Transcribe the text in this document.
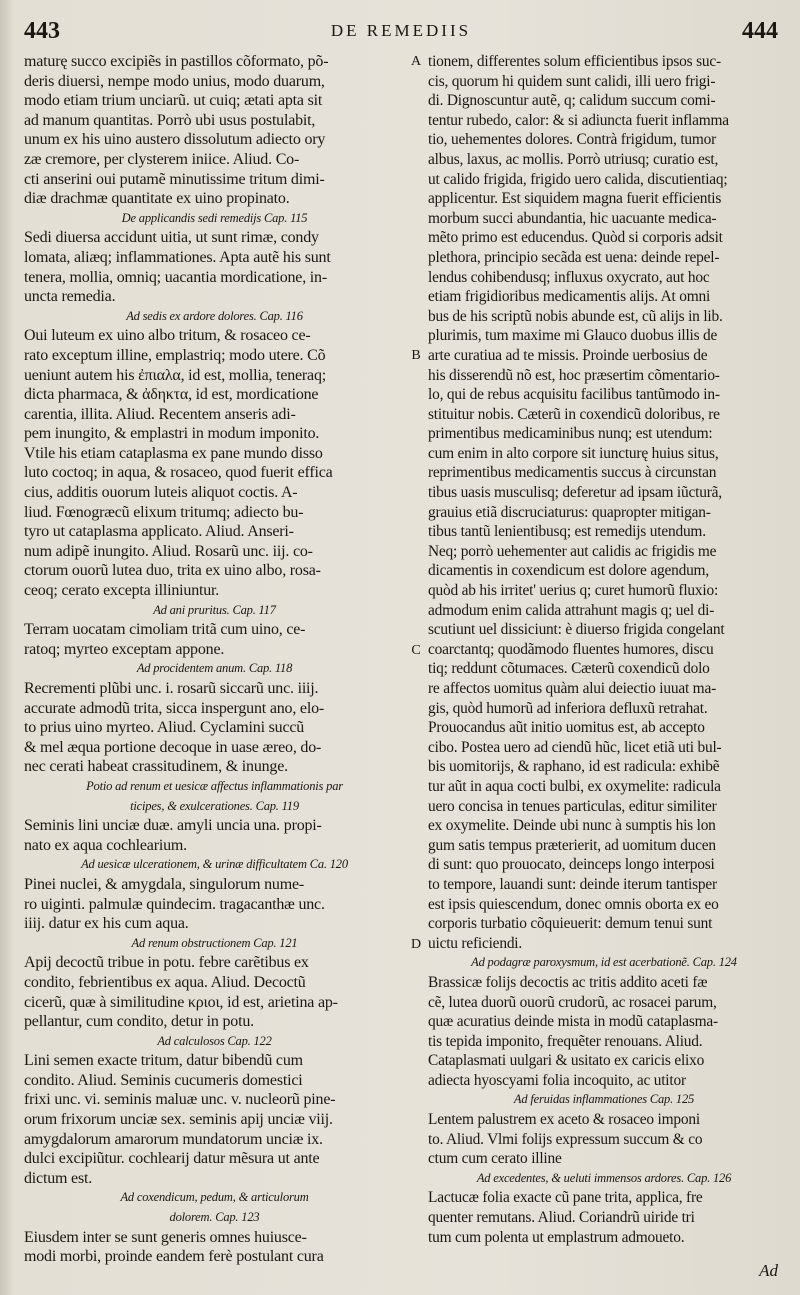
443	DE REMEDIIS	444
maturę succo excipiẽs in pastillos cõformato, põ-
deris diuersi, nempe modo unius, modo duarum,
modo etiam trium unciarũ. ut cuiq; ætati apta sit
ad manum quantitas. Porrò ubi usus postulabit,
unum ex his uino austero dissolutum adiecto ory
zæ cremore, per clysterem iniice. Aliud. Co-
cti anserini oui putamẽ minutissime tritum dimi-
diæ drachmæ quantitate ex uino propinato.
De applicandis sedi remedijs Cap. 115
Sedi diuersa accidunt uitia, ut sunt rimæ, condy
lomata, aliæq; inflammationes. Apta autẽ his sunt
tenera, mollia, omniq; uacantia mordicatione, in-
uncta remedia.
Ad sedis ex ardore dolores. Cap. 116
Oui luteum ex uino albo tritum, & rosaceo ce-
rato exceptum illine, emplastriq; modo utere. Cõ
ueniunt autem his ἐπιαλα, id est, mollia, teneraq;
dicta pharmaca, & ἀδηκτα, id est, mordicatione
carentia, illita. Aliud. Recentem anseris adi-
pem inungito, & emplastri in modum imponito.
Vtile his etiam cataplasma ex pane mundo disso
luto coctoq; in aqua, & rosaceo, quod fuerit effica
cius, additis ouorum luteis aliquot coctis. A-
liud. Fœnogræcũ elixum tritumq; adiecto bu-
tyro ut cataplasma applicato. Aliud. Anseri-
num adipẽ inungito. Aliud. Rosarũ unc. iij. co-
ctorum ouorũ lutea duo, trita ex uino albo, rosa-
ceoq; cerato excepta illiniuntur.
Ad ani pruritus. Cap. 117
Terram uocatam cimoliam tritã cum uino, ce-
ratoq; myrteo exceptam appone.
Ad procidentem anum. Cap. 118
Recrementi plũbi unc. i. rosarũ siccarũ unc. iiij.
accurate admodũ trita, sicca inspergunt ano, elo-
to prius uino myrteo. Aliud. Cyclamini succũ
& mel æqua portione decoque in uase æreo, do-
nec cerati habeat crassitudinem, & inunge.
Potio ad renum et uesicæ affectus inflammationis par
ticipes, & exulcerationes. Cap. 119
Seminis lini unciæ duæ. amyli uncia una. propi-
nato ex aqua cochlearium.
Ad uesicæ ulcerationem, & urinæ difficultatem Ca. 120
Pinei nuclei, & amygdala, singulorum nume-
ro uiginti. palmulæ quindecim. tragacanthæ unc.
iiij. datur ex his cum aqua.
Ad renum obstructionem Cap. 121
Apij decoctũ tribue in potu. febre carẽtibus ex
condito, febrientibus ex aqua. Aliud. Decoctũ
cicerũ, quæ à similitudine κριοι, id est, arietina ap-
pellantur, cum condito, detur in potu.
Ad calculosos Cap. 122
Lini semen exacte tritum, datur bibendũ cum
condito. Aliud. Seminis cucumeris domestici
frixi unc. vi. seminis maluæ unc. v. nucleorũ pine-
orum frixorum unciæ sex. seminis apij unciæ viij.
amygdalorum amarorum mundatorum unciæ ix.
dulci excipiũtur. cochlearij datur mẽsura ut ante
dictum est.
Ad coxendicum, pedum, & articulorum
dolorem. Cap. 123
Eiusdem inter se sunt generis omnes huiusce-
modi morbi, proinde eandem ferè postulant cura
A
B
C
D
tionem, differentes solum efficientibus ipsos suc-
cis, quorum hi quidem sunt calidi, illi uero frigi-
di. Dignoscuntur autẽ, q; calidum succum comi-
tentur rubedo, calor: & si adiuncta fuerit inflamma
tio, uehementes dolores. Contrà frigidum, tumor
albus, laxus, ac mollis. Porrò utriusq; curatio est,
ut calido frigida, frigido uero calida, discutientiaq;
applicentur. Est siquidem magna fuerit efficientis
morbum succi abundantia, hic uacuante medica-
mẽto primo est educendus. Quòd si corporis adsit
plethora, principio secãda est uena: deinde repel-
lendus cohibendusq; influxus oxycrato, aut hoc
etiam frigidioribus medicamentis alijs. At omni
bus de his scriptũ nobis abunde est, cũ alijs in lib.
plurimis, tum maxime mi Glauco duobus illis de
arte curatiua ad te missis. Proinde uerbosius de
his disserendũ nõ est, hoc præsertim cõmentario-
lo, qui de rebus acquisitu facilibus tantũmodo in-
stituitur nobis. Cæterũ in coxendicũ doloribus, re
primentibus medicaminibus nunq; est utendum:
cum enim in alto corpore sit iuncturę huius situs,
reprimentibus medicamentis succus à circunstan
tibus uasis musculisq; deferetur ad ipsam iũcturã,
grauius etiã discruciaturus: quapropter mitigan-
tibus tantũ lenientibusq; est remedijs utendum.
Neq; porrò uehementer aut calidis ac frigidis me
dicamentis in coxendicum est dolore agendum,
quòd ab his irritet' uerius q; curet humorũ fluxio:
admodum enim calida attrahunt magis q; uel di-
scutiunt uel dissiciunt: è diuerso frigida congelant
coarctantq; quodãmodo fluentes humores, discu
tiq; reddunt cõtumaces. Cæterũ coxendicũ dolo
re affectos uomitus quàm alui deiectio iuuat ma-
gis, quòd humorũ ad inferiora defluxũ retrahat.
Prouocandus aũt initio uomitus est, ab accepto
cibo. Postea uero ad ciendũ hũc, licet etiã uti bul-
bis uomitorijs, & raphano, id est radicula: exhibẽ
tur aũt in aqua cocti bulbi, ex oxymelite: radicula
uero concisa in tenues particulas, editur similiter
ex oxymelite. Deinde ubi nunc à sumptis his lon
gum satis tempus præterierit, ad uomitum ducen
di sunt: quo prouocato, deinceps longo interposi
to tempore, lauandi sunt: deinde iterum tantisper
est ipsis quiescendum, donec omnis oborta ex eo
corporis turbatio cõquieuerit: demum tenui sunt
uictu reficiendi.
Ad podagræ paroxysmum, id est acerbationẽ. Cap. 124
Brassicæ folijs decoctis ac tritis addito aceti fæ
cẽ, lutea duorũ ouorũ crudorũ, ac rosacei parum,
quæ acuratius deinde mista in modũ cataplasma-
tis tepida imponito, frequẽter renouans. Aliud.
Cataplasmati uulgari & usitato ex caricis elixo
adiecta hyoscyami folia incoquito, ac utitor
Ad feruidas inflammationes Cap. 125
Lentem palustrem ex aceto & rosaceo imponi
to. Aliud. Vlmi folijs expressum succum & co
ctum cum cerato illine
Ad excedentes, & ueluti immensos ardores. Cap. 126
Lactucæ folia exacte cũ pane trita, applica, fre
quenter remutans. Aliud. Coriandrũ uiride tri
tum cum polenta ut emplastrum admoueto.
Ad
